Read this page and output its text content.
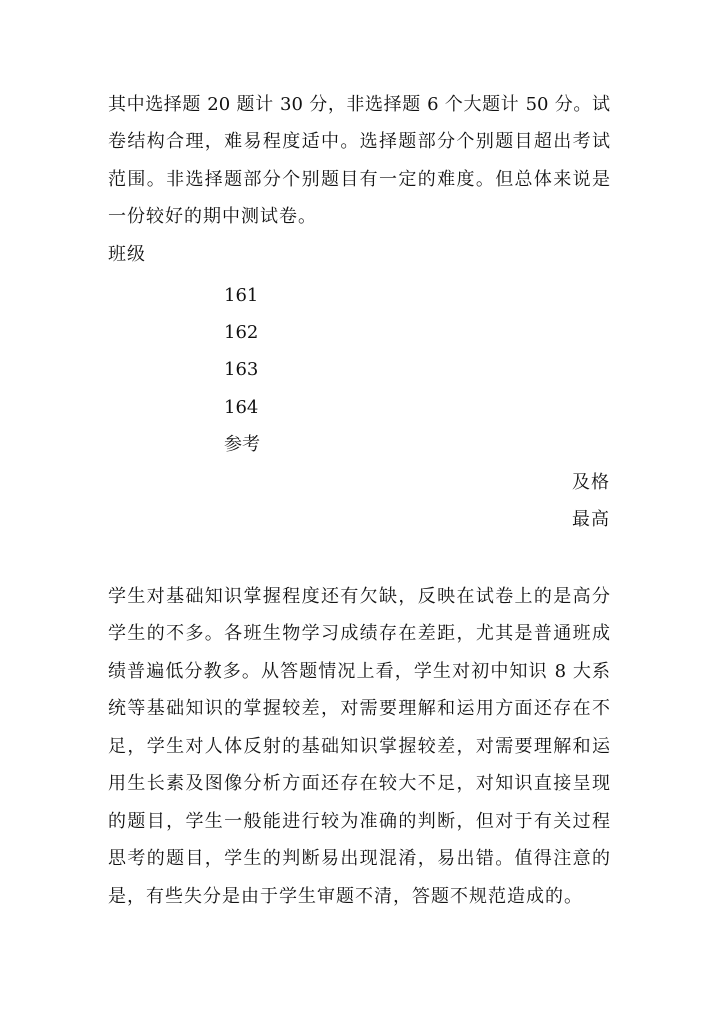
其中选择题 20 题计 30 分，非选择题 6 个大题计 50 分。试
卷结构合理，难易程度适中。选择题部分个别题目超出考试
范围。非选择题部分个别题目有一定的难度。但总体来说是
一份较好的期中测试卷。
班级
161
162
163
164
参考
及格
最高
学生对基础知识掌握程度还有欠缺，反映在试卷上的是高分
学生的不多。各班生物学习成绩存在差距，尤其是普通班成
绩普遍低分教多。从答题情况上看，学生对初中知识 8 大系
统等基础知识的掌握较差，对需要理解和运用方面还存在不
足，学生对人体反射的基础知识掌握较差，对需要理解和运
用生长素及图像分析方面还存在较大不足，对知识直接呈现
的题目，学生一般能进行较为准确的判断，但对于有关过程
思考的题目，学生的判断易出现混淆，易出错。值得注意的
是，有些失分是由于学生审题不清，答题不规范造成的。
